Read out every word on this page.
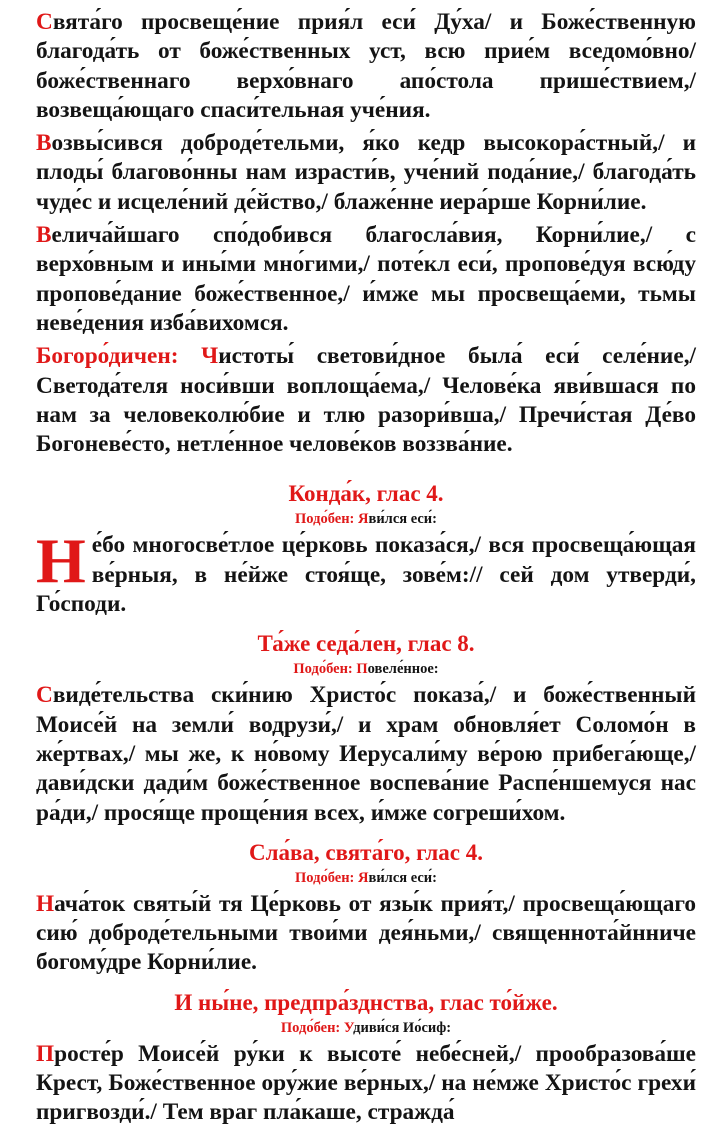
Свята́го просвеще́ние прия́л еси́ Ду́ха/ и Боже́ственную благода́ть от боже́ственных уст, всю прие́м вседомо́вно/ боже́ственнаго верхо́внаго апо́стола прише́ствием,/ возвеща́ющаго спаси́тельная уче́ния.

Возвы́сився доброде́тельми, я́ко кедр высокора́стный,/ и плоды́ благово́нны нам израсти́в, уче́ний пода́ние,/ благода́ть чуде́с и исцеле́ний де́йство,/ блаже́нне иера́рше Корни́лие.

Велича́йшаго спо́добився благосла́вия, Корни́лие,/ с верхо́вным и ины́ми мно́гими,/ поте́кл еси́, пропове́дуя всю́ду пропове́дание боже́ственное,/ и́мже мы просвеща́еми, тьмы неве́дения изба́вихомся.

Богоро́дичен: Чистоты́ светови́дное была́ еси́ селе́ние,/ Светода́теля носи́вши воплоща́ема,/ Челове́ка яви́вшася по нам за человеколю́бие и тлю разори́вша,/ Пречи́стая Де́во Богоневе́сто, нетле́нное челове́ков воззва́ние.

Конда́к, глас 4.

Подо́бен: Яви́лся еси́:

Не́бо многосве́тлое це́рковь показа́ся,/ вся просвеща́ющая ве́рныя, в не́йже стоя́ще, зове́м:// сей дом утверди́, Го́споди.

Та́же седа́лен, глас 8.

Подо́бен: Повеле́нное:

Свиде́тельства ски́нию Христо́с показа́,/ и боже́ственный Моисе́й на земли́ водрузи́,/ и храм обновля́ет Соломо́н в же́ртвах,/ мы же, к но́вому Иерусали́му ве́рою прибега́юще,/ дави́дски дади́м боже́ственное воспева́ние Распе́ншемуся нас ра́ди,/ прося́ще проще́ния всех, и́мже согреши́хом.

Сла́ва, свята́го, глас 4.

Подо́бен: Яви́лся еси́:

Нача́ток святы́й тя Це́рковь от язы́к прия́т,/ просвеща́ющаго сию́ доброде́тельными твои́ми дея́ньми,/ священнота́йнниче богому́дре Корни́лие.

И ны́не, предпра́зднства, глас то́йже.

Подо́бен: Удиви́ся Ио́сиф:

Просте́р Моисе́й ру́ки к высоте́ небе́сней,/ прообразова́ше Крест, Боже́ственное ору́жие ве́рных,/ на не́мже Христо́с грехи́ пригвозди́./ Тем враг пла́каше, стражда́
